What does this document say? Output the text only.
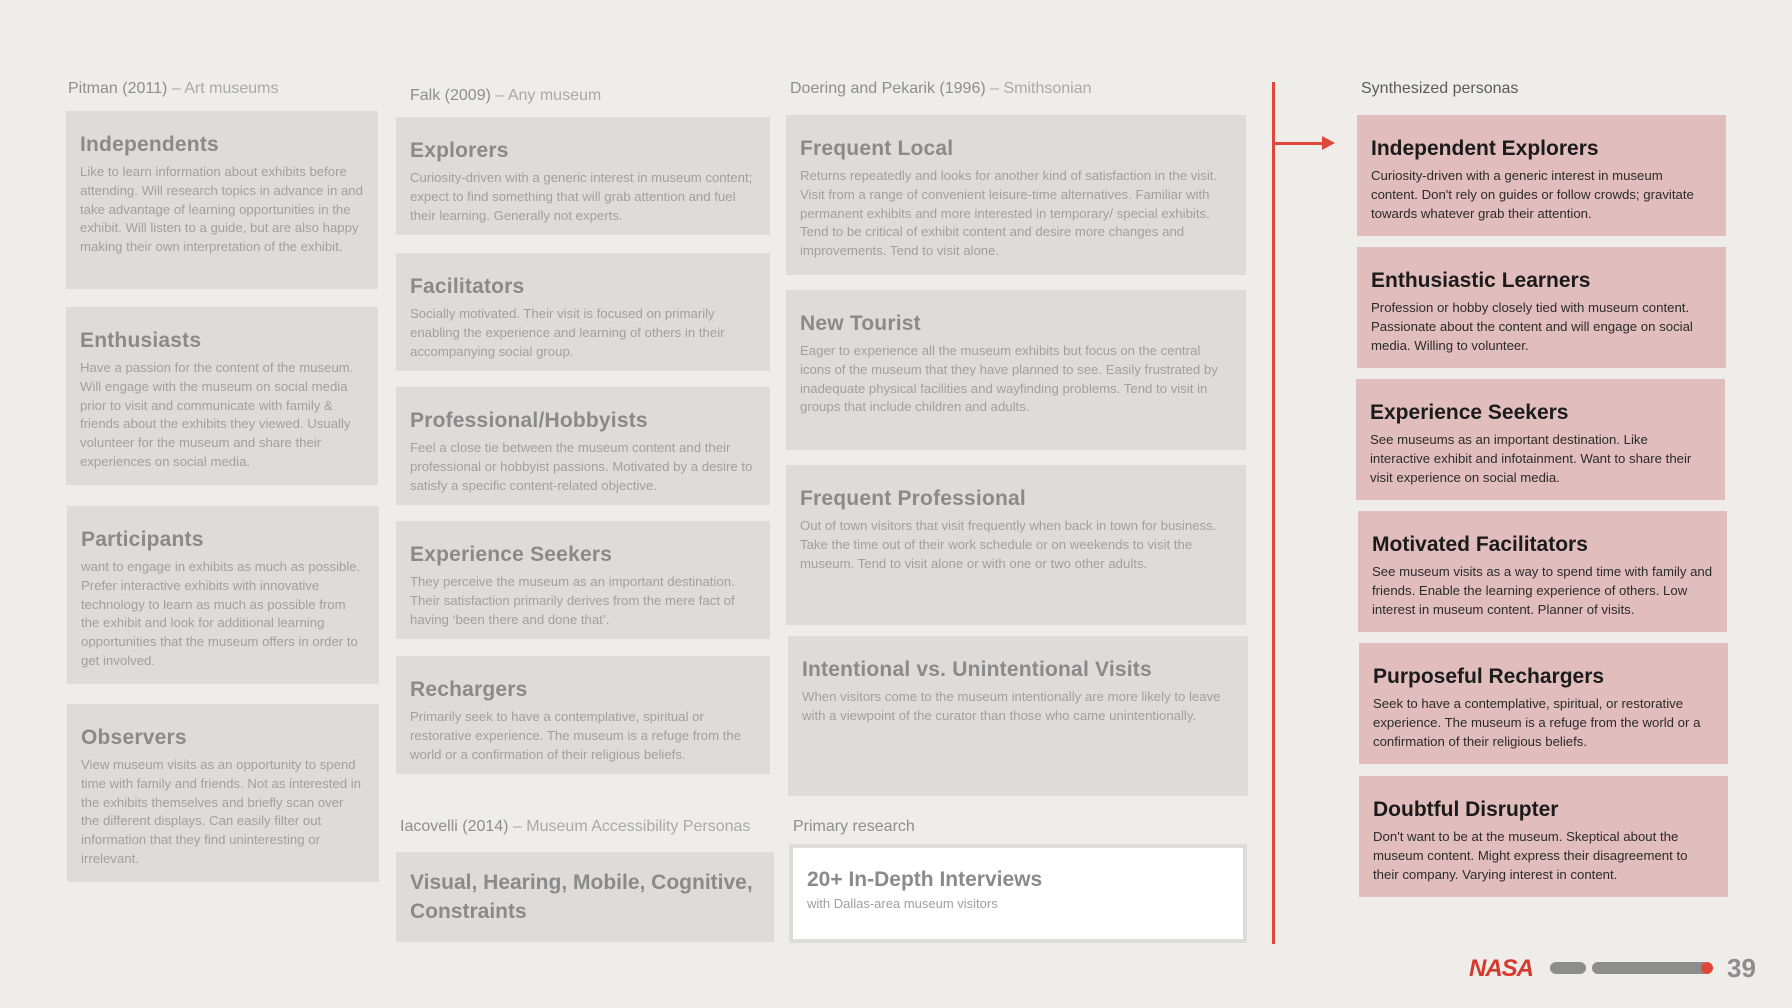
Pitman (2011) – Art museums
Independents

Like to learn information about exhibits before attending. Will research topics in advance in and take advantage of learning opportunities in the exhibit. Will listen to a guide, but are also happy making their own interpretation of the exhibit.

Enthusiasts

Have a passion for the content of the museum. Will engage with the museum on social media prior to visit and communicate with family & friends about the exhibits they viewed. Usually volunteer for the museum and share their experiences on social media.

Participants

want to engage in exhibits as much as possible. Prefer interactive exhibits with innovative technology to learn as much as possible from the exhibit and look for additional learning opportunities that the museum offers in order to get involved.

Observers

View museum visits as an opportunity to spend time with family and friends. Not as interested in the exhibits themselves and briefly scan over the different displays. Can easily filter out information that they find uninteresting or irrelevant.

Falk (2009) – Any museum
Explorers

Curiosity-driven with a generic interest in museum content; expect to find something that will grab attention and fuel their learning. Generally not experts.

Facilitators

Socially motivated. Their visit is focused on primarily enabling the experience and learning of others in their accompanying social group.

Professional/Hobbyists

Feel a close tie between the museum content and their professional or hobbyist passions. Motivated by a desire to satisfy a specific content-related objective.

Experience Seekers

They perceive the museum as an important destination. Their satisfaction primarily derives from the mere fact of having ‘been there and done that’.

Rechargers

Primarily seek to have a contemplative, spiritual or restorative experience. The museum is a refuge from the world or a confirmation of their religious beliefs.

Iacovelli (2014) – Museum Accessibility Personas
Visual, Hearing, Mobile, Cognitive, Constraints
Doering and Pekarik (1996) – Smithsonian
Frequent Local

Returns repeatedly and looks for another kind of satisfaction in the visit. Visit from a range of convenient leisure-time alternatives. Familiar with permanent exhibits and more interested in temporary/ special exhibits. Tend to be critical of exhibit content and desire more changes and improvements. Tend to visit alone.

New Tourist

Eager to experience all the museum exhibits but focus on the central icons of the museum that they have planned to see. Easily frustrated by inadequate physical facilities and wayfinding problems. Tend to visit in groups that include children and adults.

Frequent Professional

Out of town visitors that visit frequently when back in town for business. Take the time out of their work schedule or on weekends to visit the museum. Tend to visit alone or with one or two other adults.

Intentional vs. Unintentional Visits

When visitors come to the museum intentionally are more likely to leave with a viewpoint of the curator than those who came unintentionally.

Primary research
20+ In-Depth Interviews

with Dallas-area museum visitors

Synthesized personas
Independent Explorers

Curiosity-driven with a generic interest in museum content. Don't rely on guides or follow crowds; gravitate towards whatever grab their attention.

Enthusiastic Learners

Profession or hobby closely tied with museum content. Passionate about the content and will engage on social media. Willing to volunteer.

Experience Seekers

See museums as an important destination. Like interactive exhibit and infotainment. Want to share their visit experience on social media.

Motivated Facilitators

See museum visits as a way to spend time with family and friends. Enable the learning experience of others. Low interest in museum content. Planner of visits.

Purposeful Rechargers

Seek to have a contemplative, spiritual, or restorative experience. The museum is a refuge from the world or a confirmation of their religious beliefs.

Doubtful Disrupter

Don't want to be at the museum. Skeptical about the museum content. Might express their disagreement to their company. Varying interest in content.

NASA	39
